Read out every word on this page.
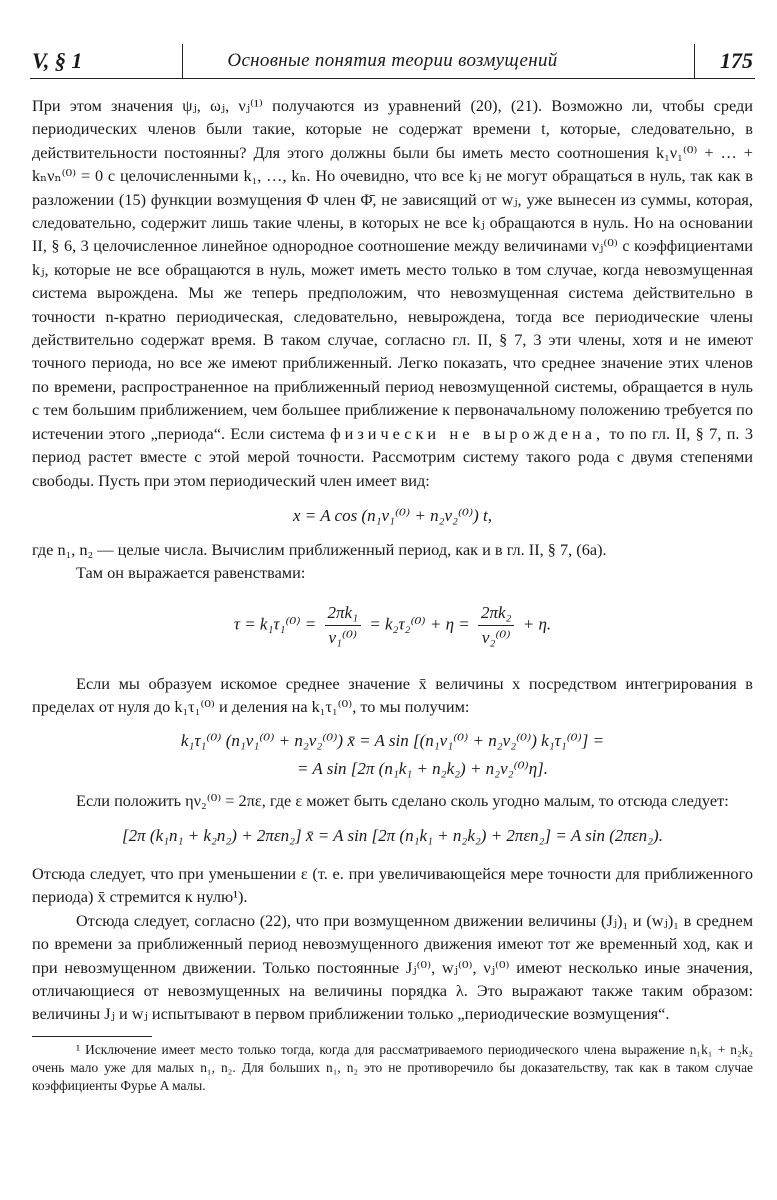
V, § 1	Основные понятия теории возмущений	175

При этом значения ψⱼ, ωⱼ, νⱼ⁽¹⁾ получаются из уравнений (20), (21). Возможно ли, чтобы среди периодических членов были такие, которые не содержат времени t, которые, следовательно, в действительности постоянны? Для этого должны были бы иметь место соотношения k₁ν₁⁽⁰⁾ + … + kₙνₙ⁽⁰⁾ = 0 с целочисленными k₁, …, kₙ. Но очевидно, что все kⱼ не могут обращаться в нуль, так как в разложении (15) функции возмущения Φ член Φ̄, не зависящий от wⱼ, уже вынесен из суммы, которая, следовательно, содержит лишь такие члены, в которых не все kⱼ обращаются в нуль. Но на основании II, § 6, 3 целочисленное линейное однородное соотношение между величинами νⱼ⁽⁰⁾ с коэффициентами kⱼ, которые не все обращаются в нуль, может иметь место только в том случае, когда невозмущенная система вырождена. Мы же теперь предположим, что невозмущенная система действительно в точности n-кратно периодическая, следовательно, невырождена, тогда все периодические члены действительно содержат время. В таком случае, согласно гл. II, § 7, 3 эти члены, хотя и не имеют точного периода, но все же имеют приближенный. Легко показать, что среднее значение этих членов по времени, распространенное на приближенный период невозмущенной системы, обращается в нуль с тем большим приближением, чем большее приближение к первоначальному положению требуется по истечении этого „периода“. Если система физически не вырождена, то по гл. II, § 7, п. 3 период растет вместе с этой мерой точности. Рассмотрим систему такого рода с двумя степенями свободы. Пусть при этом периодический член имеет вид:

x = A cos (n₁ν₁⁽⁰⁾ + n₂ν₂⁽⁰⁾) t,

где n₁, n₂ — целые числа. Вычислим приближенный период, как и в гл. II, § 7, (6a).

Там он выражается равенствами:

$\tau = k_1\tau_1^{(0)} = \frac{\text{2πk₁}}{\text{ν₁⁽⁰⁾}} = k_2\tau_2^{(0)} + \eta = \frac{\text{2πk₂}}{\text{ν₂⁽⁰⁾}} + \eta$.

Если мы образуем искомое среднее значение x̄ величины x посредством интегрирования в пределах от нуля до k₁τ₁⁽⁰⁾ и деления на k₁τ₁⁽⁰⁾, то мы получим:

k₁τ₁⁽⁰⁾ (n₁ν₁⁽⁰⁾ + n₂ν₂⁽⁰⁾) x̄ = A sin [(n₁ν₁⁽⁰⁾ + n₂ν₂⁽⁰⁾) k₁τ₁⁽⁰⁾] =
= A sin [2π (n₁k₁ + n₂k₂) + n₂ν₂⁽⁰⁾η].

Если положить ην₂⁽⁰⁾ = 2πε, где ε может быть сделано сколь угодно малым, то отсюда следует:

[2π (k₁n₁ + k₂n₂) + 2πεn₂] x̄ = A sin [2π (n₁k₁ + n₂k₂) + 2πεn₂] = A sin (2πεn₂).

Отсюда следует, что при уменьшении ε (т. е. при увеличивающейся мере точности для приближенного периода) x̄ стремится к нулю¹).

Отсюда следует, согласно (22), что при возмущенном движении величины (Jⱼ)₁ и (wⱼ)₁ в среднем по времени за приближенный период невозмущенного движения имеют тот же временный ход, как и при невозмущенном движении. Только постоянные Jⱼ⁽⁰⁾, wⱼ⁽⁰⁾, νⱼ⁽⁰⁾ имеют несколько иные значения, отличающиеся от невозмущенных на величины порядка λ. Это выражают также таким образом: величины Jⱼ и wⱼ испытывают в первом приближении только „периодические возмущения“.

¹ Исключение имеет место только тогда, когда для рассматриваемого периодического члена выражение n₁k₁ + n₂k₂ очень мало уже для малых n₁, n₂. Для больших n₁, n₂ это не противоречило бы доказательству, так как в таком случае коэффициенты Фурье A малы.
